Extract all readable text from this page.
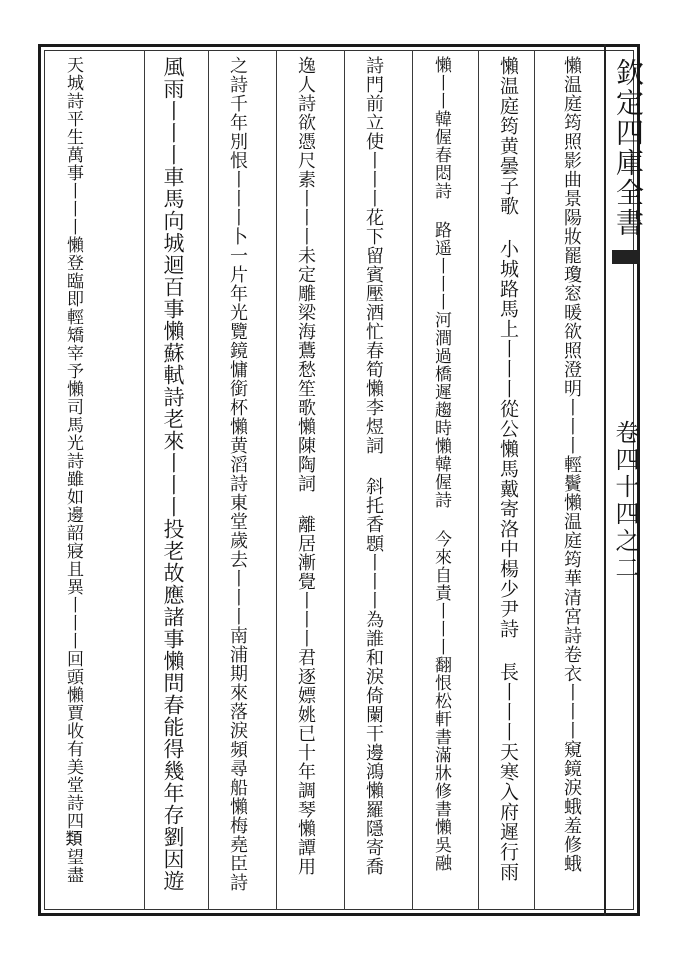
欽定四庫全書
卷四十四之二
懶温庭筠照影曲景陽妝罷瓊窓暖欲照澄明丨丨丨輕鬢懶温庭筠華清宮詩卷衣丨丨丨窺鏡淚蛾羞修蛾
懶温庭筠黄曇子歌 小城路馬上丨丨丨從公懶馬戴寄洛中楊少尹詩 長丨丨丨天寒入府遲行雨
懶丨丨韓偓春悶詩 路遥丨丨丨河澗過橋遲趨時懶韓偓詩 今來自責丨丨丨翻恨松軒書滿牀修書懶吳融
詩門前立使丨丨丨花下留賓壓酒忙春筍懶李煜詞 斜托香顋丨丨丨為誰和淚倚闌干邊鴻懶羅隱寄喬
逸人詩欲憑尺素丨丨丨未定雕梁海鷰愁笙歌懶陳陶詞 離居漸覺丨丨丨君逐嫖姚已十年調琴懶譚用
之詩千年別恨丨丨丨卜一片年光覽鏡慵銜杯懶黄滔詩東堂歲去丨丨丨南浦期來落淚頻尋船懶梅堯臣詩
風雨丨丨丨車馬向城迴百事懶蘇軾詩老來丨丨丨投老故應諸事懶問春能得幾年存劉因遊
天城詩平生萬事丨丨丨懶登臨即輕矯宰予懶司馬光詩雖如邊韶寢且異丨丨丨回頭懶賈收有美堂詩四𩔖望盡
